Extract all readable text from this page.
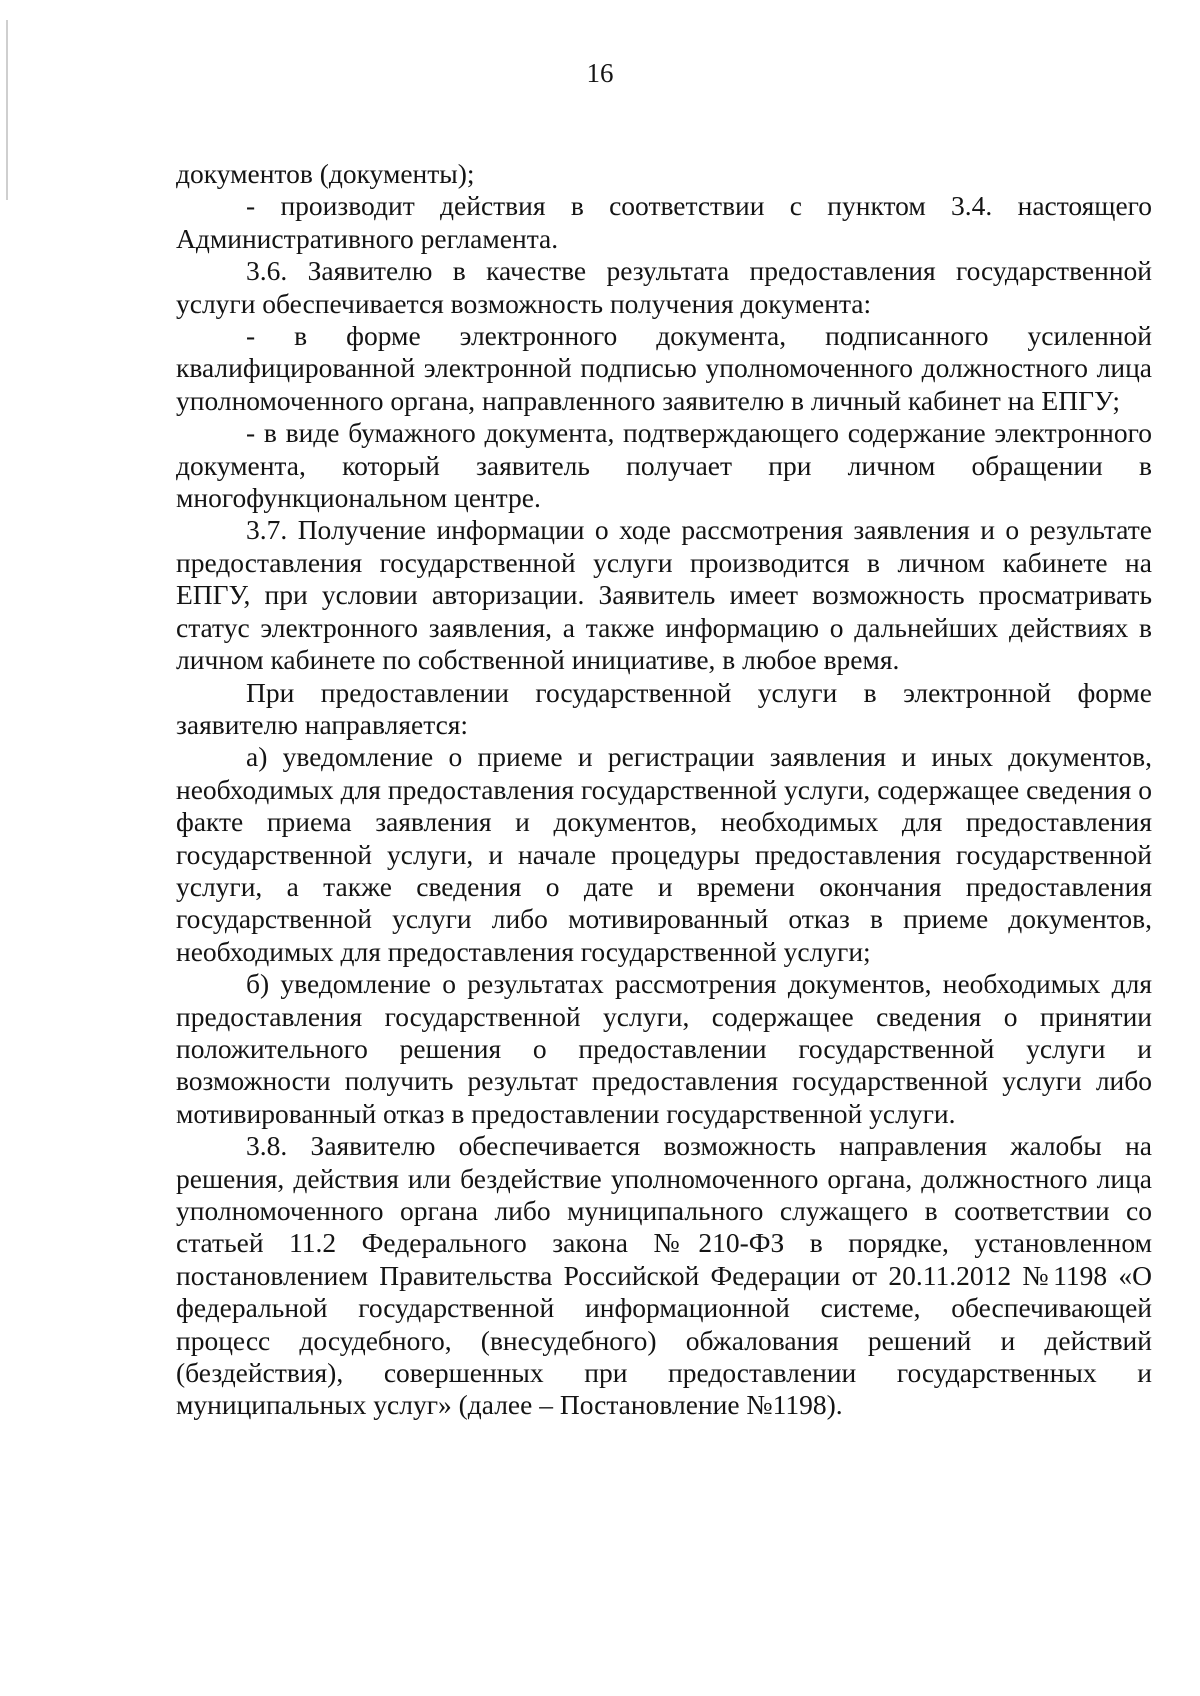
16

документов (документы);

- производит действия в соответствии с пунктом 3.4. настоящего Административного регламента.

3.6. Заявителю в качестве результата предоставления государственной услуги обеспечивается возможность получения документа:

- в форме электронного документа, подписанного усиленной квалифицированной электронной подписью уполномоченного должностного лица уполномоченного органа, направленного заявителю в личный кабинет на ЕПГУ;

- в виде бумажного документа, подтверждающего содержание электронного документа, который заявитель получает при личном обращении в многофункциональном центре.

3.7. Получение информации о ходе рассмотрения заявления и о результате предоставления государственной услуги производится в личном кабинете на ЕПГУ, при условии авторизации. Заявитель имеет возможность просматривать статус электронного заявления, а также информацию о дальнейших действиях в личном кабинете по собственной инициативе, в любое время.

При предоставлении государственной услуги в электронной форме заявителю направляется:

а) уведомление о приеме и регистрации заявления и иных документов, необходимых для предоставления государственной услуги, содержащее сведения о факте приема заявления и документов, необходимых для предоставления государственной услуги, и начале процедуры предоставления государственной услуги, а также сведения о дате и времени окончания предоставления государственной услуги либо мотивированный отказ в приеме документов, необходимых для предоставления государственной услуги;

б) уведомление о результатах рассмотрения документов, необходимых для предоставления государственной услуги, содержащее сведения о принятии положительного решения о предоставлении государственной услуги и возможности получить результат предоставления государственной услуги либо мотивированный отказ в предоставлении государственной услуги.

3.8. Заявителю обеспечивается возможность направления жалобы на решения, действия или бездействие уполномоченного органа, должностного лица уполномоченного органа либо муниципального служащего в соответствии со статьей 11.2 Федерального закона №210-ФЗ в порядке, установленном постановлением Правительства Российской Федерации от 20.11.2012 №1198 «О федеральной государственной информационной системе, обеспечивающей процесс досудебного, (внесудебного) обжалования решений и действий (бездействия), совершенных при предоставлении государственных и муниципальных услуг» (далее – Постановление №1198).
